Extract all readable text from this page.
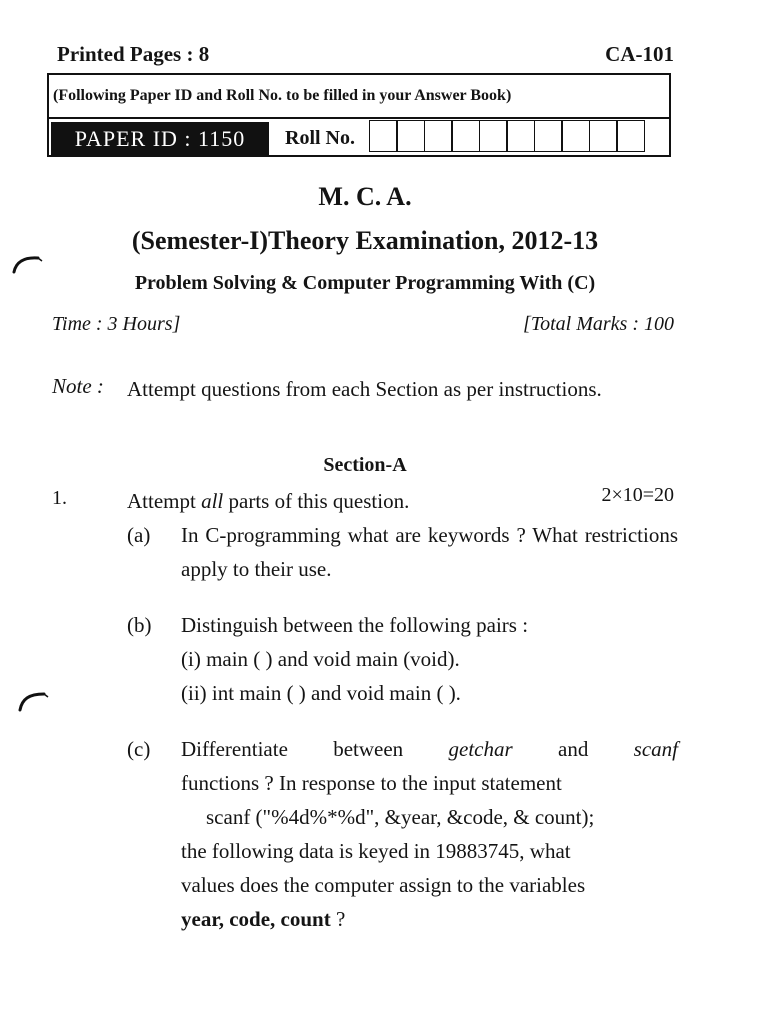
Printed Pages : 8	CA-101
(Following Paper ID and Roll No. to be filled in your Answer Book)
PAPER ID : 1150	Roll No.
M. C. A.
(Semester-I)Theory Examination, 2012-13
Problem Solving & Computer Programming With (C)
Time : 3 Hours]	[Total Marks : 100
Note : Attempt questions from each Section as per instructions.
Section-A
1.	Attempt all parts of this question.	2×10=20
(a) In C-programming what are keywords ? What restrictions apply to their use.
(b) Distinguish between the following pairs :
(i) main ( ) and void main (void).
(ii) int main ( ) and void main ( ).
(c) Differentiate between getchar and scanf
functions ? In response to the input statement
scanf ("%4d%*%d", &year, &code, & count);
the following data is keyed in 19883745, what
values does the computer assign to the variables
year, code, count ?
